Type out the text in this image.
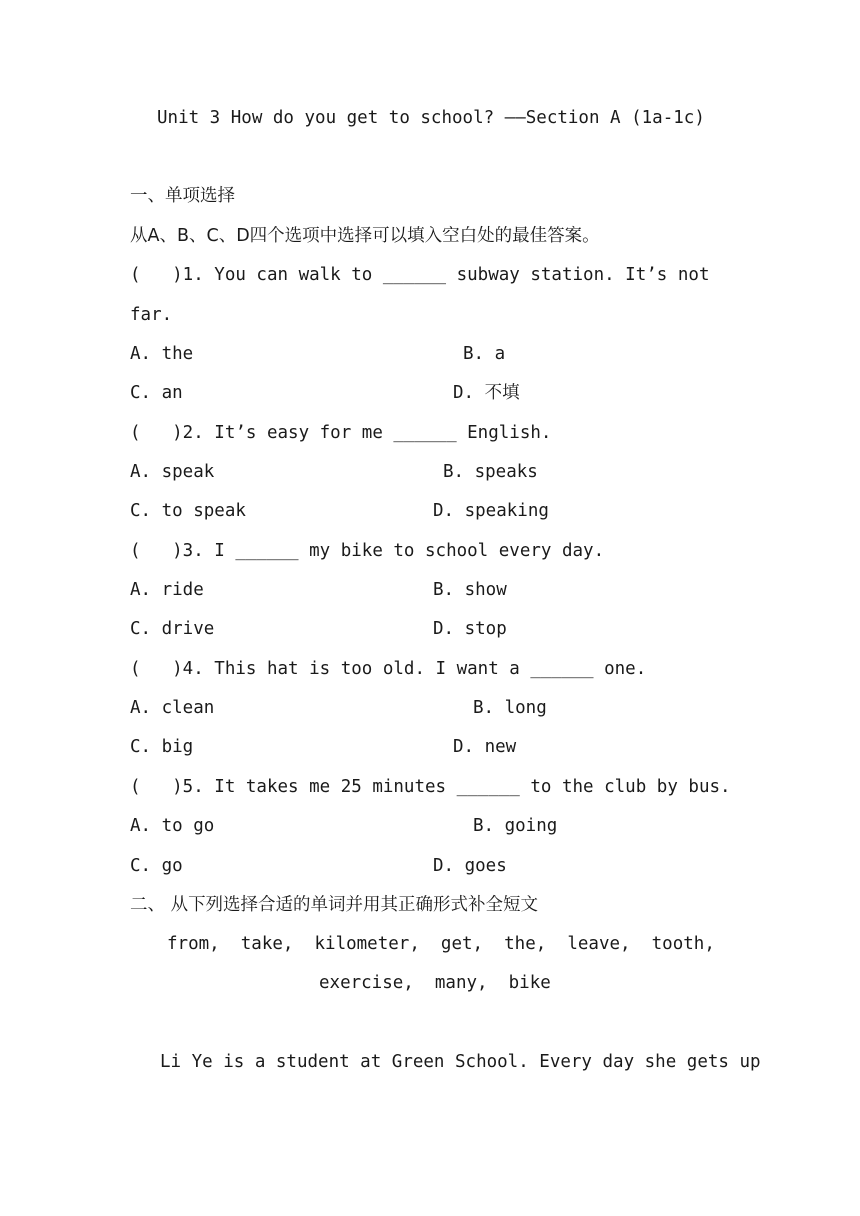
Unit 3 How do you get to school? ——Section A (1a-1c)
一、单项选择
从A、B、C、D四个选项中选择可以填入空白处的最佳答案。
(   )1. You can walk to ______ subway station. It’s not
far.
A. the	B. a
C. an	D. 不填
(   )2. It’s easy for me ______ English.
A. speak	B. speaks
C. to speak	D. speaking
(   )3. I ______ my bike to school every day.
A. ride	B. show
C. drive	D. stop
(   )4. This hat is too old. I want a ______ one.
A. clean	B. long
C. big	D. new
(   )5. It takes me 25 minutes ______ to the club by bus.
A. to go	B. going
C. go	D. goes
二、 从下列选择合适的单词并用其正确形式补全短文
from,  take,  kilometer,  get,  the,  leave,  tooth,
exercise,  many,  bike
Li Ye is a student at Green School. Every day she gets up
